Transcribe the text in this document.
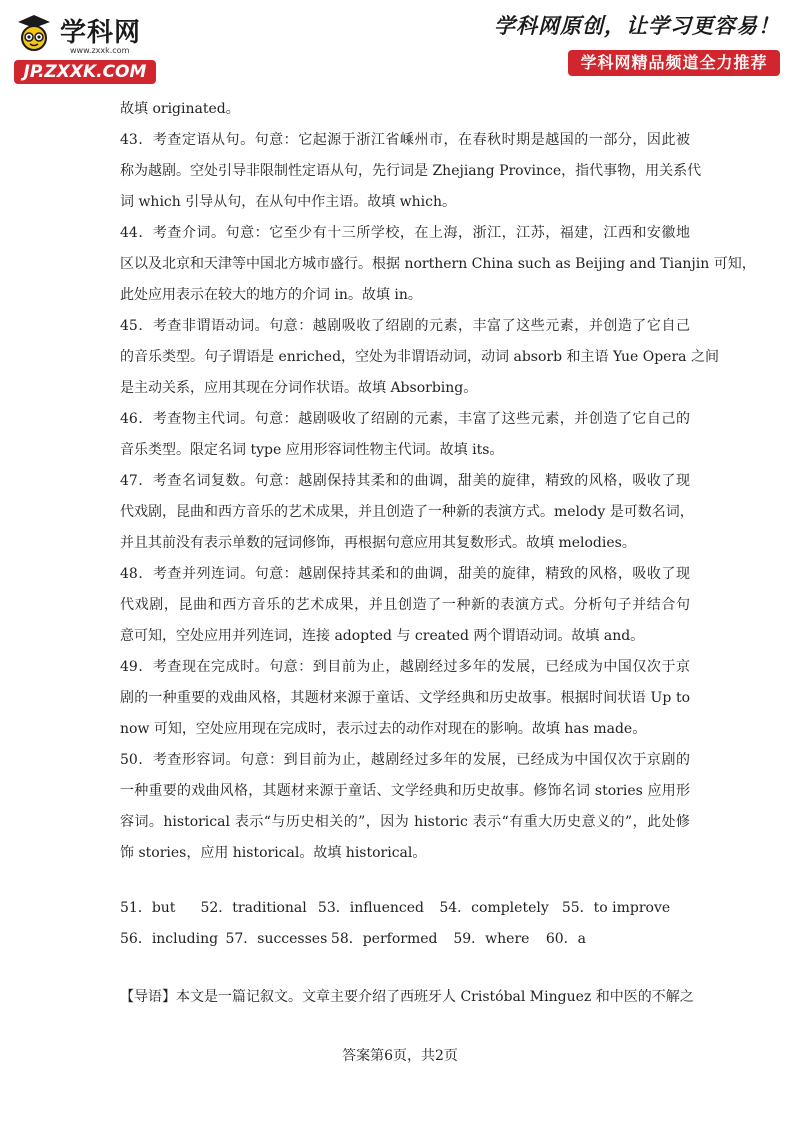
学科网
www.zxxk.com
JP.ZXXK.COM
学科网原创，让学习更容易！
学科网精品频道全力推荐
故填 originated。
43．考查定语从句。句意：它起源于浙江省嵊州市，在春秋时期是越国的一部分，因此被
称为越剧。空处引导非限制性定语从句，先行词是 Zhejiang Province，指代事物，用关系代
词 which 引导从句，在从句中作主语。故填 which。
44．考查介词。句意：它至少有十三所学校，在上海，浙江，江苏，福建，江西和安徽地
区以及北京和天津等中国北方城市盛行。根据 northern China such as Beijing and Tianjin 可知，
此处应用表示在较大的地方的介词 in。故填 in。
45．考查非谓语动词。句意：越剧吸收了绍剧的元素，丰富了这些元素，并创造了它自己
的音乐类型。句子谓语是 enriched，空处为非谓语动词，动词 absorb 和主语 Yue Opera 之间
是主动关系，应用其现在分词作状语。故填 Absorbing。
46．考查物主代词。句意：越剧吸收了绍剧的元素，丰富了这些元素，并创造了它自己的
音乐类型。限定名词 type 应用形容词性物主代词。故填 its。
47．考查名词复数。句意：越剧保持其柔和的曲调，甜美的旋律，精致的风格，吸收了现
代戏剧，昆曲和西方音乐的艺术成果，并且创造了一种新的表演方式。melody 是可数名词，
并且其前没有表示单数的冠词修饰，再根据句意应用其复数形式。故填 melodies。
48．考查并列连词。句意：越剧保持其柔和的曲调，甜美的旋律，精致的风格，吸收了现
代戏剧，昆曲和西方音乐的艺术成果，并且创造了一种新的表演方式。分析句子并结合句
意可知，空处应用并列连词，连接 adopted 与 created 两个谓语动词。故填 and。
49．考查现在完成时。句意：到目前为止，越剧经过多年的发展，已经成为中国仅次于京
剧的一种重要的戏曲风格，其题材来源于童话、文学经典和历史故事。根据时间状语 Up to
now 可知，空处应用现在完成时，表示过去的动作对现在的影响。故填 has made。
50．考查形容词。句意：到目前为止，越剧经过多年的发展，已经成为中国仅次于京剧的
一种重要的戏曲风格，其题材来源于童话、文学经典和历史故事。修饰名词 stories 应用形
容词。historical 表示“与历史相关的”，因为 historic 表示“有重大历史意义的”，此处修
饰 stories，应用 historical。故填 historical。
51．but 52．traditional 53．influenced 54．completely 55．to improve
56．including 57．successes 58．performed 59．where 60．a
【导语】本文是一篇记叙文。文章主要介绍了西班牙人 Cristóbal Minguez 和中医的不解之
答案第6页，共2页
